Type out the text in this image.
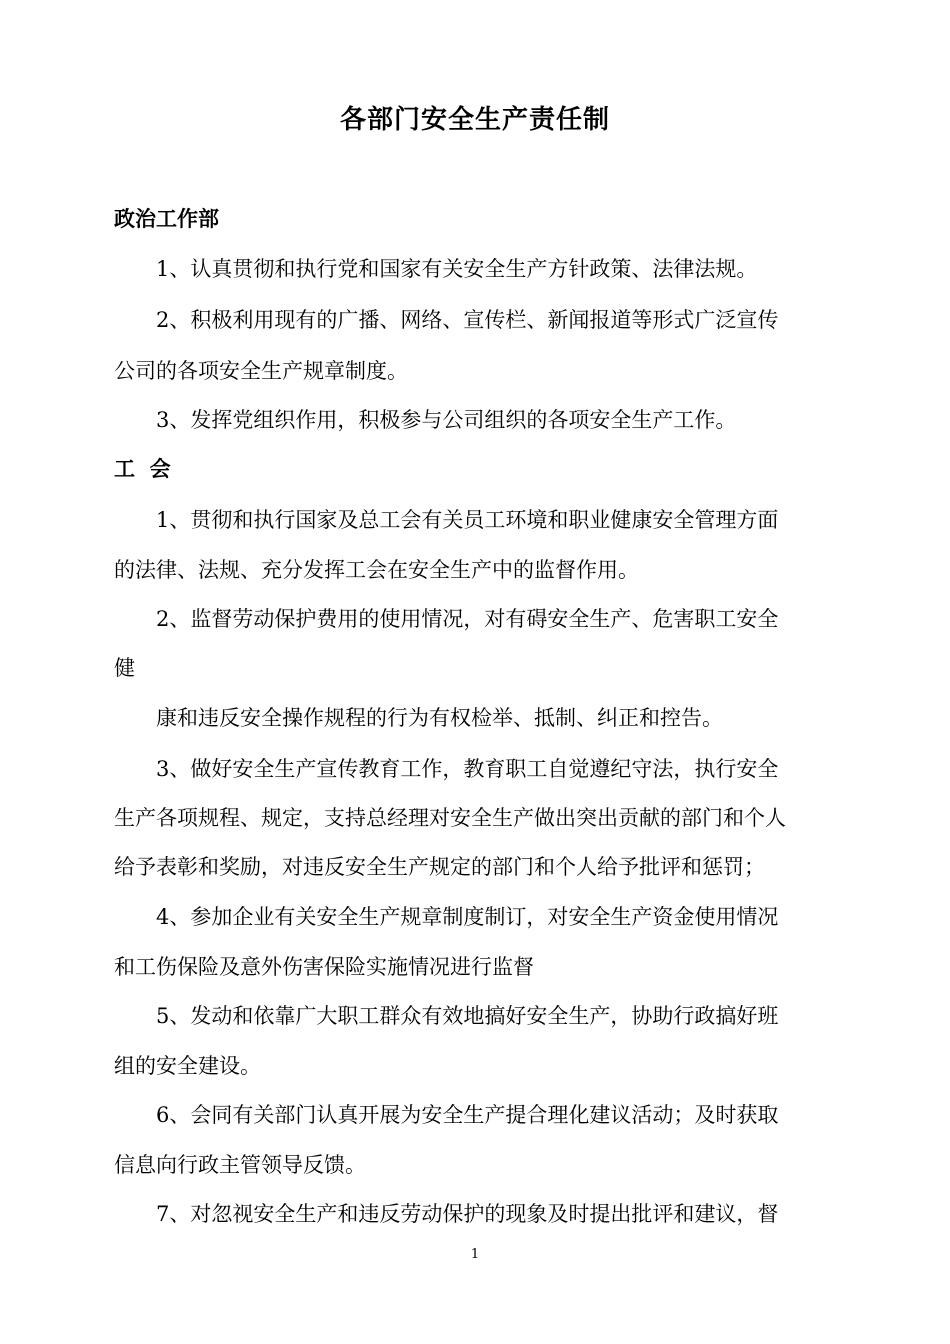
各部门安全生产责任制
政治工作部
1、认真贯彻和执行党和国家有关安全生产方针政策、法律法规。
2、积极利用现有的广播、网络、宣传栏、新闻报道等形式广泛宣传
公司的各项安全生产规章制度。
3、发挥党组织作用，积极参与公司组织的各项安全生产工作。
工  会
1、贯彻和执行国家及总工会有关员工环境和职业健康安全管理方面
的法律、法规、充分发挥工会在安全生产中的监督作用。
2、监督劳动保护费用的使用情况，对有碍安全生产、危害职工安全
健
康和违反安全操作规程的行为有权检举、抵制、纠正和控告。
3、做好安全生产宣传教育工作，教育职工自觉遵纪守法，执行安全
生产各项规程、规定，支持总经理对安全生产做出突出贡献的部门和个人
给予表彰和奖励，对违反安全生产规定的部门和个人给予批评和惩罚；
4、参加企业有关安全生产规章制度制订，对安全生产资金使用情况
和工伤保险及意外伤害保险实施情况进行监督
5、发动和依靠广大职工群众有效地搞好安全生产，协助行政搞好班
组的安全建设。
6、会同有关部门认真开展为安全生产提合理化建议活动；及时获取
信息向行政主管领导反馈。
7、对忽视安全生产和违反劳动保护的现象及时提出批评和建议，督
1
